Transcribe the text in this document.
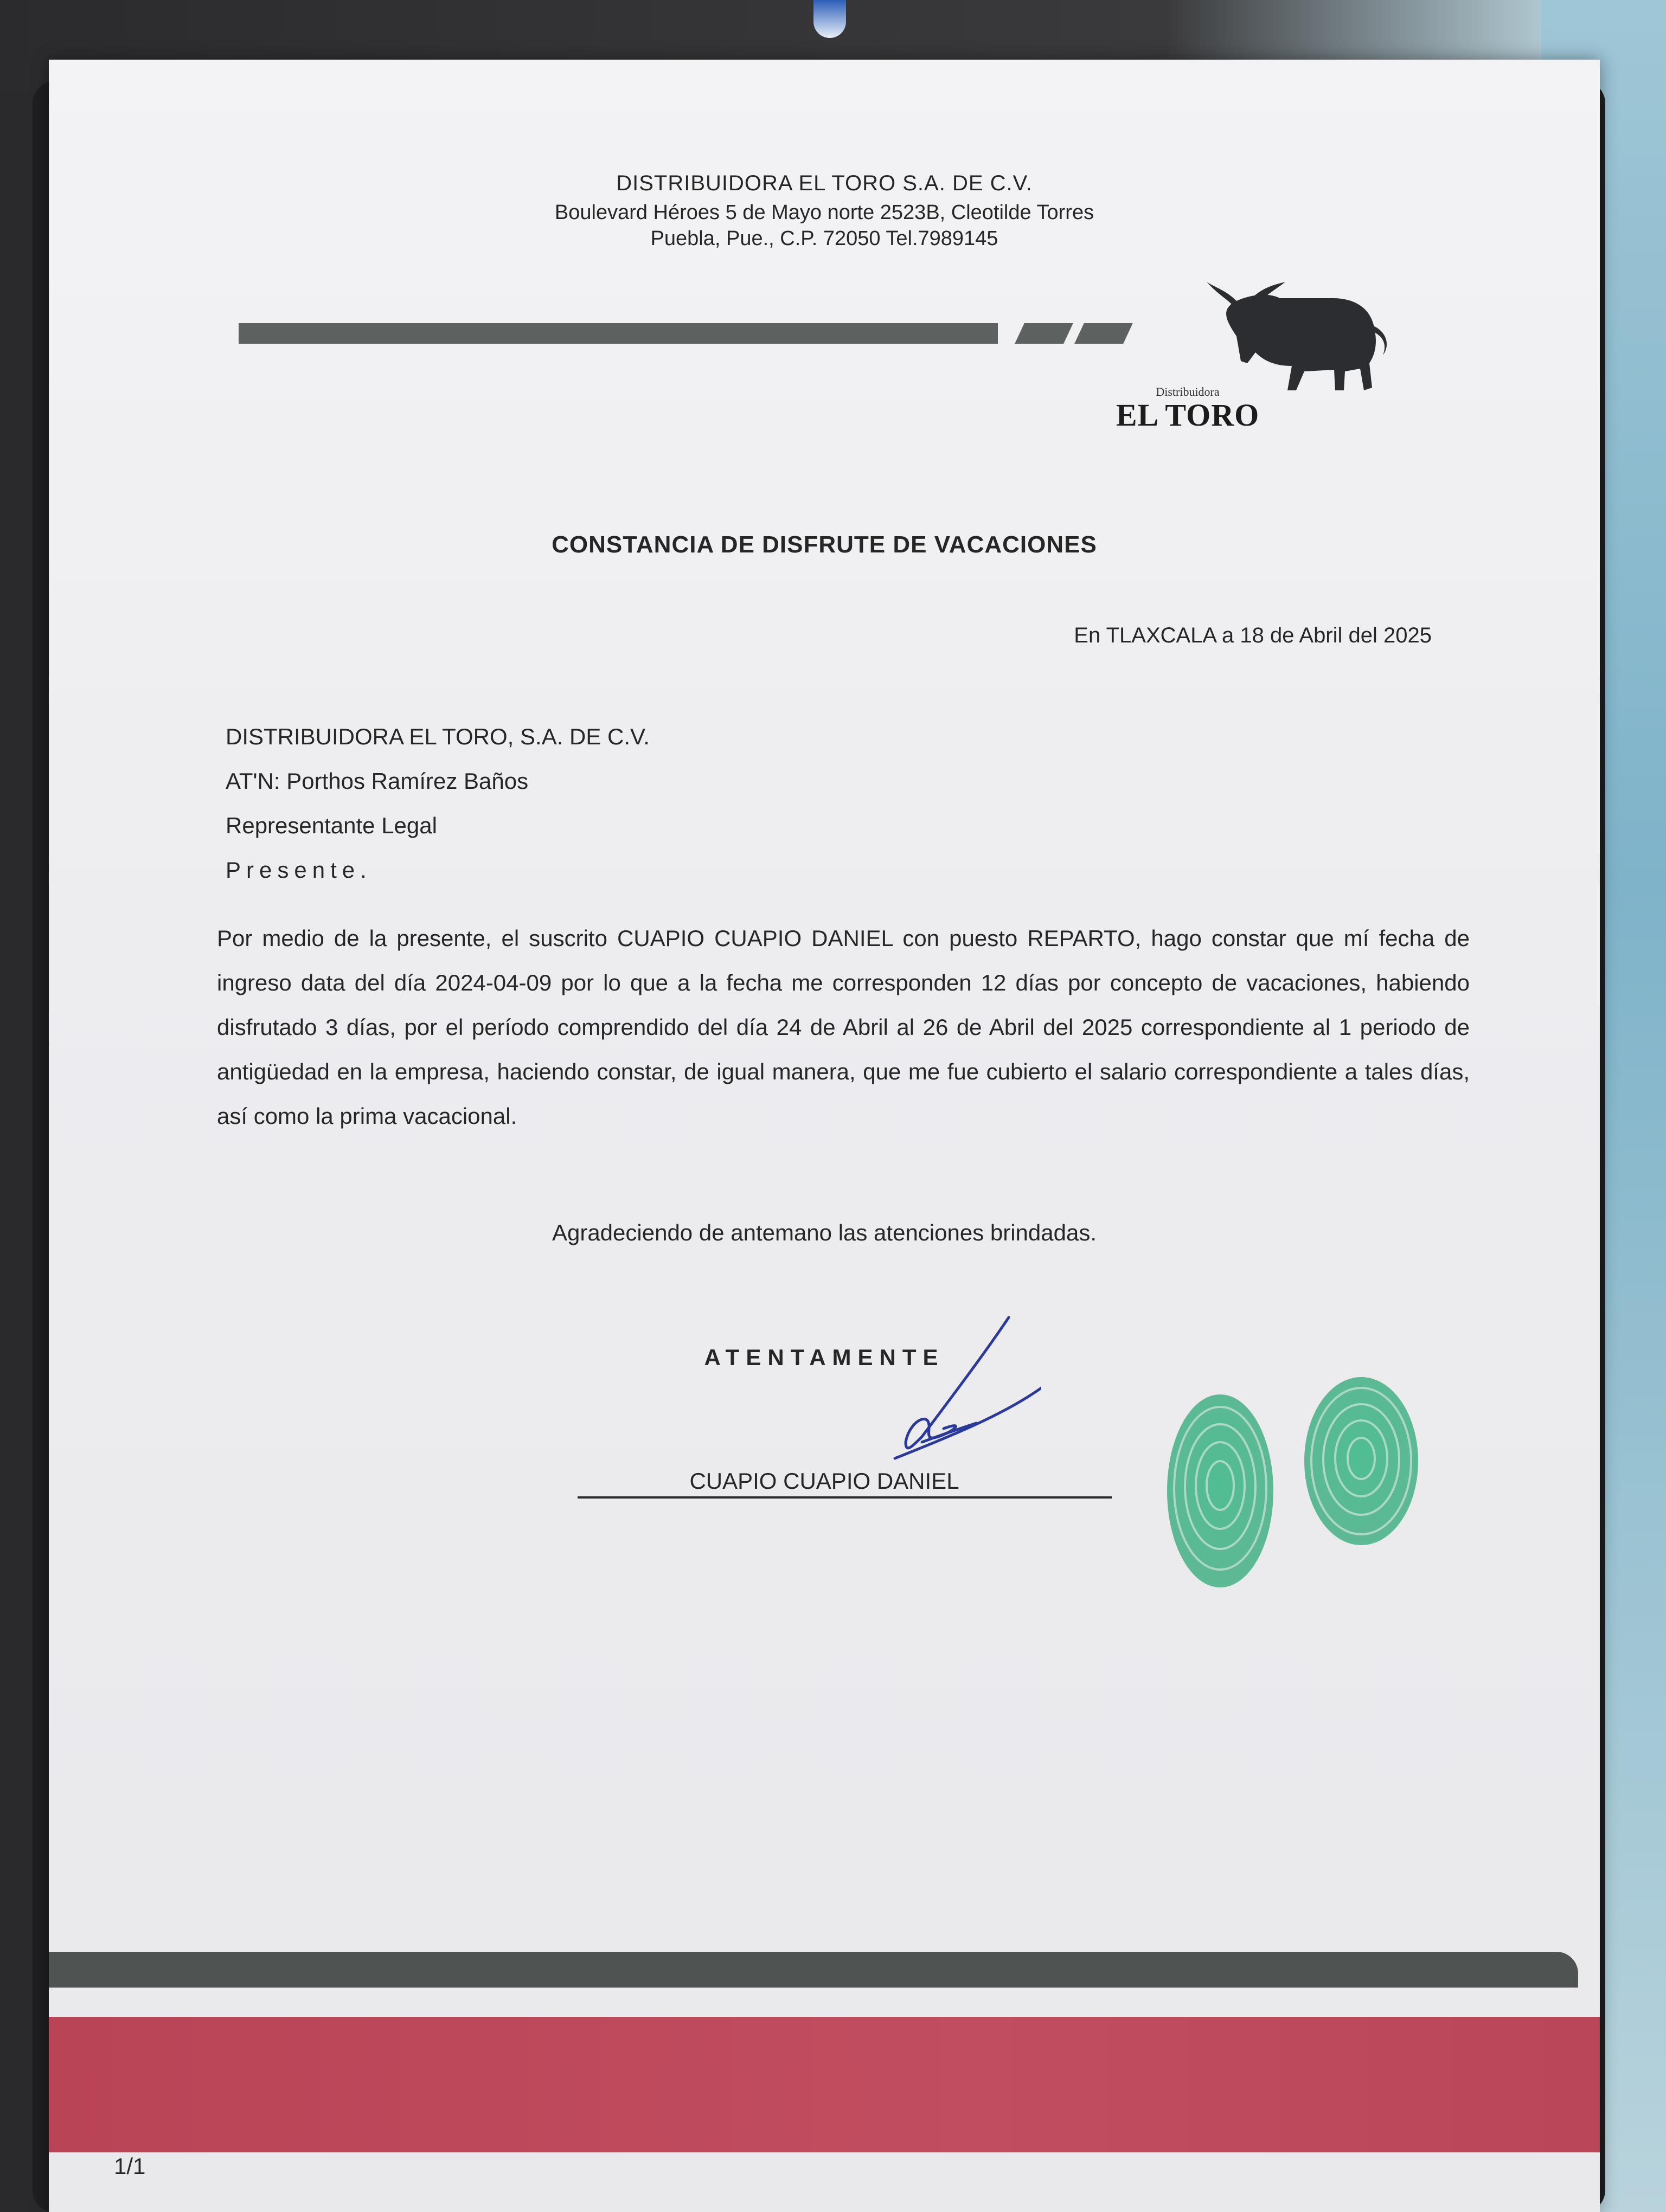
DISTRIBUIDORA EL TORO S.A. DE C.V.
Boulevard Héroes 5 de Mayo norte 2523B, Cleotilde Torres
Puebla, Pue., C.P. 72050 Tel.7989145
Distribuidora
EL TORO
CONSTANCIA DE DISFRUTE DE VACACIONES
En TLAXCALA a 18 de Abril del 2025
DISTRIBUIDORA EL TORO, S.A. DE C.V.
AT'N: Porthos Ramírez Baños
Representante Legal
Presente.
Por medio de la presente, el suscrito CUAPIO CUAPIO DANIEL con puesto REPARTO, hago constar que mí fecha de ingreso data del día 2024-04-09 por lo que a la fecha me corresponden 12 días por concepto de vacaciones, habiendo disfrutado 3 días, por el período comprendido del día 24 de Abril al 26 de Abril del 2025 correspondiente al 1 periodo de antigüedad en la empresa, haciendo constar, de igual manera, que me fue cubierto el salario correspondiente a tales días, así como la prima vacacional.
Agradeciendo de antemano las atenciones brindadas.
ATENTAMENTE
CUAPIO CUAPIO DANIEL
1/1
